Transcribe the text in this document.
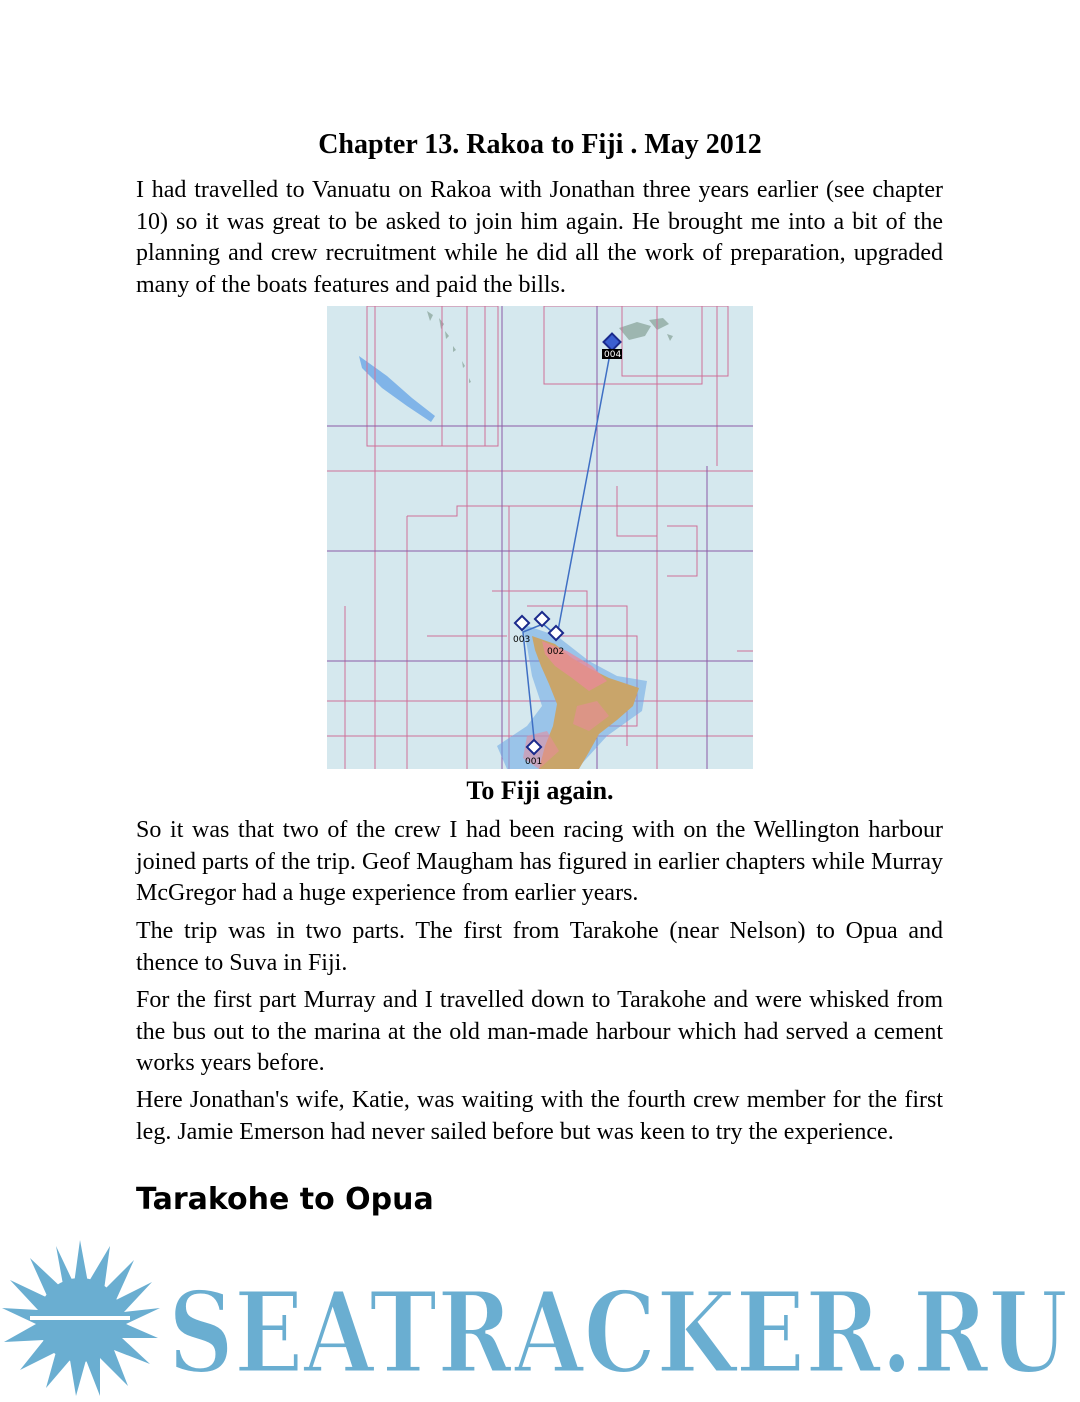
Chapter 13. Rakoa to Fiji . May 2012

I had travelled to Vanuatu on Rakoa with Jonathan three years earlier (see chapter 10) so it was great to be asked to join him again. He brought me into a bit of the planning and crew recruitment while he did all the work of preparation, upgraded many of the boats features and paid the bills.

003
002
001
004
To Fiji again.

So it was that two of the crew I had been racing with on the Wellington harbour joined parts of the trip. Geof Maugham has figured in earlier chapters while Murray McGregor had a huge experience from earlier years.

The trip was in two parts. The first from Tarakohe (near Nelson) to Opua and thence to Suva in Fiji.

For the first part Murray and I travelled down to Tarakohe and were whisked from the bus out to the marina at the old man-made harbour which had served a cement works years before.

Here Jonathan's wife, Katie, was waiting with the fourth crew member for the first leg. Jamie Emerson had never sailed before but was keen to try the experience.

Tarakohe to Opua
SEATRACKER.RU
